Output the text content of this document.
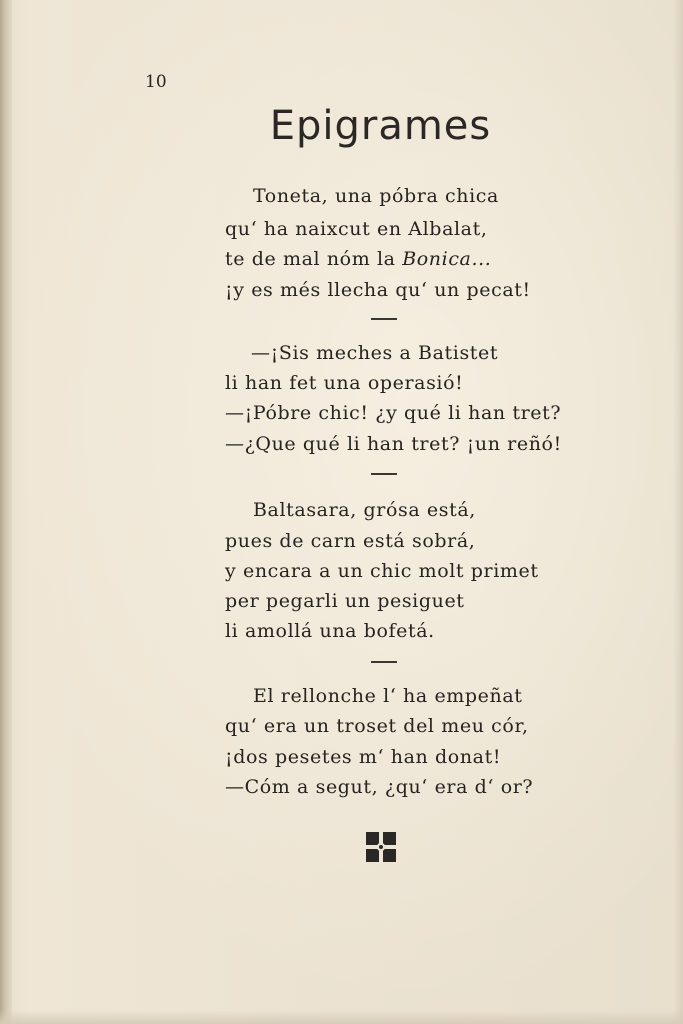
10
Epigrames
Toneta, una póbra chica
qu‘ ha naixcut en Albalat,
te de mal nóm la Bonica...
¡y es més llecha qu‘ un pecat!
—¡Sis meches a Batistet
li han fet una operasió!
—¡Póbre chic! ¿y qué li han tret?
—¿Que qué li han tret? ¡un reñó!
Baltasara, grósa está,
pues de carn está sobrá,
y encara a un chic molt primet
per pegarli un pesiguet
li amollá una bofetá.
El rellonche l‘ ha empeñat
qu‘ era un troset del meu cór,
¡dos pesetes m‘ han donat!
—Cóm a segut, ¿qu‘ era d‘ or?
